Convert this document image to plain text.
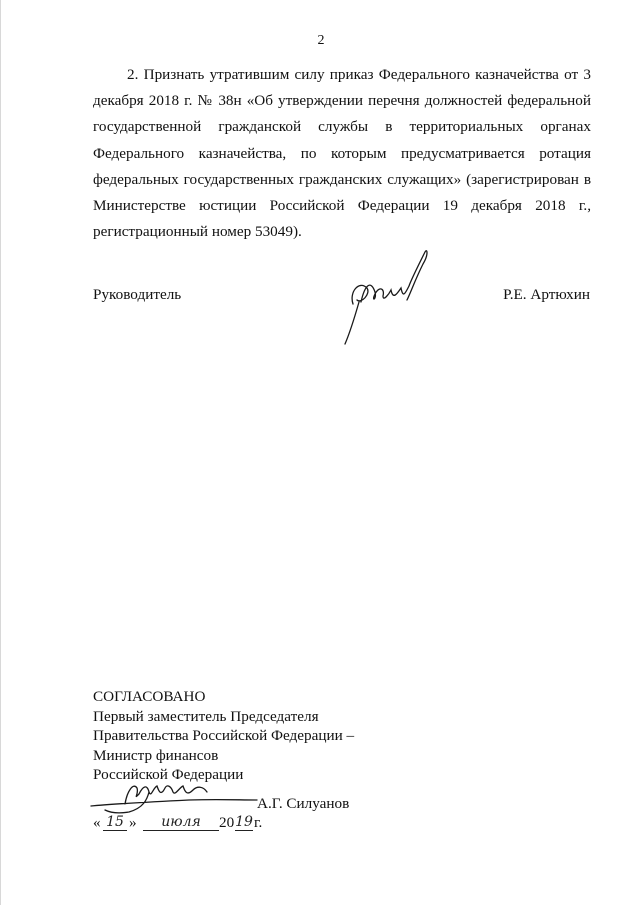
2

2. Признать утратившим силу приказ Федерального казначейства от 3 декабря 2018 г. № 38н «Об утверждении перечня должностей федеральной государственной гражданской службы в территориальных органах Федерального казначейства, по которым предусматривается ротация федеральных государственных гражданских служащих» (зарегистрирован в Министерстве юстиции Российской Федерации 19 декабря 2018 г., регистрационный номер 53049).

Руководитель	Р.Е. Артюхин
СОГЛАСОВАНО
Первый заместитель Председателя
Правительства Российской Федерации –
Министр финансов
Российской Федерации
А.Г. Силуанов
« 15 »	июля	20 19 г.
